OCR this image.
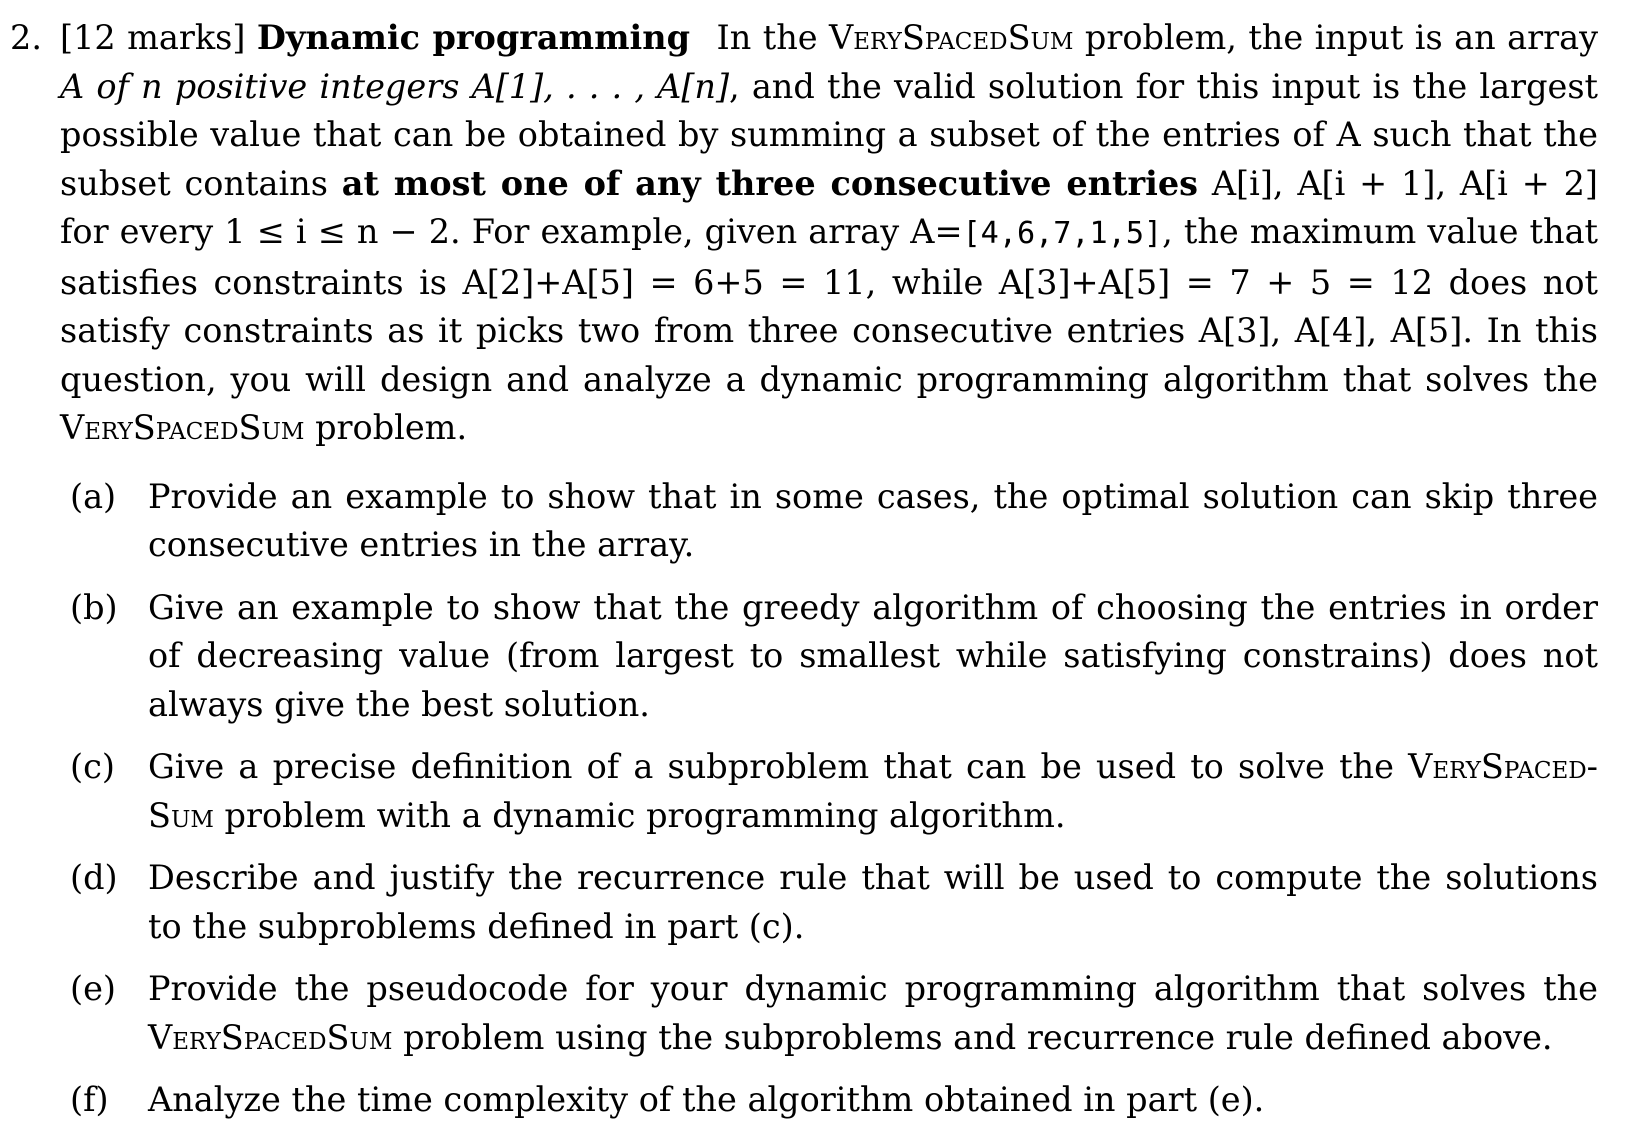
2. [12 marks] Dynamic programming In the VerySpacedSum problem, the input is an array A of n positive integers A[1], . . . , A[n], and the valid solution for this input is the largest possible value that can be obtained by summing a subset of the entries of A such that the subset contains at most one of any three consecutive entries A[i], A[i + 1], A[i + 2] for every 1 ≤ i ≤ n − 2. For example, given array A=[4,6,7,1,5], the maximum value that satisfies constraints is A[2]+A[5] = 6+5 = 11, while A[3]+A[5] = 7 + 5 = 12 does not satisfy constraints as it picks two from three consecutive entries A[3], A[4], A[5]. In this question, you will design and analyze a dynamic programming algorithm that solves the VerySpacedSum problem.
(a) Provide an example to show that in some cases, the optimal solution can skip three consecutive entries in the array.
(b) Give an example to show that the greedy algorithm of choosing the entries in order of decreasing value (from largest to smallest while satisfying constrains) does not always give the best solution.
(c) Give a precise definition of a subproblem that can be used to solve the VerySpaced-Sum problem with a dynamic programming algorithm.
(d) Describe and justify the recurrence rule that will be used to compute the solutions to the subproblems defined in part (c).
(e) Provide the pseudocode for your dynamic programming algorithm that solves the VerySpacedSum problem using the subproblems and recurrence rule defined above.
(f)	Analyze the time complexity of the algorithm obtained in part (e).
